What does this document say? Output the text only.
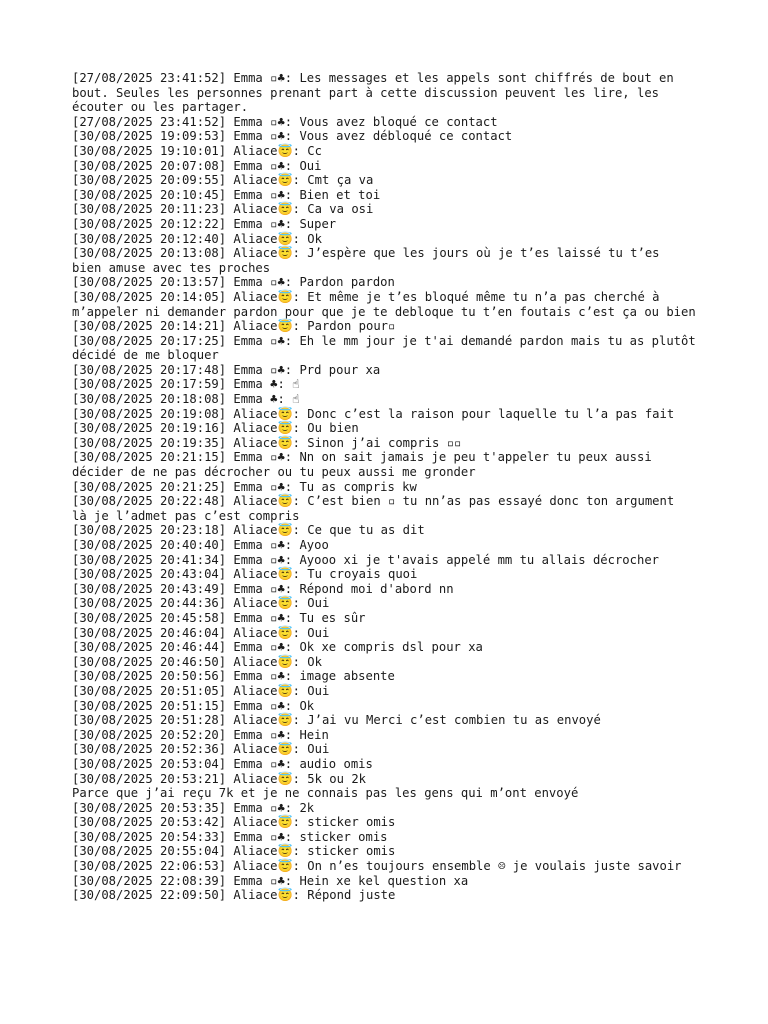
[27/08/2025 23:41:52] Emma ▫♣: Les messages et les appels sont chiffrés de bout en bout. Seules les personnes prenant part à cette discussion peuvent les lire, les écouter ou les partager.
[27/08/2025 23:41:52] Emma ▫♣: Vous avez bloqué ce contact
[30/08/2025 19:09:53] Emma ▫♣: Vous avez débloqué ce contact
[30/08/2025 19:10:01] Aliace😇: Cc
[30/08/2025 20:07:08] Emma ▫♣: Oui
[30/08/2025 20:09:55] Aliace😇: Cmt ça va
[30/08/2025 20:10:45] Emma ▫♣: Bien et toi
[30/08/2025 20:11:23] Aliace😇: Ca va osi
[30/08/2025 20:12:22] Emma ▫♣: Super
[30/08/2025 20:12:40] Aliace😇: Ok
[30/08/2025 20:13:08] Aliace😇: J’espère que les jours où je t’es laissé tu t’es bien amuse avec tes proches
[30/08/2025 20:13:57] Emma ▫♣: Pardon pardon
[30/08/2025 20:14:05] Aliace😇: Et même je t’es bloqué même tu n’a pas cherché à m’appeler ni demander pardon pour que je te debloque tu t’en foutais c’est ça ou bien
[30/08/2025 20:14:21] Aliace😇: Pardon pour▫
[30/08/2025 20:17:25] Emma ▫♣: Eh le mm jour je t'ai demandé pardon mais tu as plutôt décidé de me bloquer
[30/08/2025 20:17:48] Emma ▫♣: Prd pour xa
[30/08/2025 20:17:59] Emma ♣: ☝
[30/08/2025 20:18:08] Emma ♣: ☝
[30/08/2025 20:19:08] Aliace😇: Donc c’est la raison pour laquelle tu l’a pas fait
[30/08/2025 20:19:16] Aliace😇: Ou bien
[30/08/2025 20:19:35] Aliace😇: Sinon j’ai compris ▫▫
[30/08/2025 20:21:15] Emma ▫♣: Nn on sait jamais je peu t'appeler tu peux aussi décider de ne pas décrocher ou tu peux aussi me gronder
[30/08/2025 20:21:25] Emma ▫♣: Tu as compris kw
[30/08/2025 20:22:48] Aliace😇: C’est bien ▫ tu nn’as pas essayé donc ton argument là je l’admet pas c’est compris
[30/08/2025 20:23:18] Aliace😇: Ce que tu as dit
[30/08/2025 20:40:40] Emma ▫♣: Ayoo
[30/08/2025 20:41:34] Emma ▫♣: Ayooo xi je t'avais appelé mm tu allais décrocher
[30/08/2025 20:43:04] Aliace😇: Tu croyais quoi
[30/08/2025 20:43:49] Emma ▫♣: Répond moi d'abord nn
[30/08/2025 20:44:36] Aliace😇: Oui
[30/08/2025 20:45:58] Emma ▫♣: Tu es sûr
[30/08/2025 20:46:04] Aliace😇: Oui
[30/08/2025 20:46:44] Emma ▫♣: Ok xe compris dsl pour xa
[30/08/2025 20:46:50] Aliace😇: Ok
[30/08/2025 20:50:56] Emma ▫♣: image absente
[30/08/2025 20:51:05] Aliace😇: Oui
[30/08/2025 20:51:15] Emma ▫♣: Ok
[30/08/2025 20:51:28] Aliace😇: J’ai vu Merci c’est combien tu as envoyé
[30/08/2025 20:52:20] Emma ▫♣: Hein
[30/08/2025 20:52:36] Aliace😇: Oui
[30/08/2025 20:53:04] Emma ▫♣: audio omis
[30/08/2025 20:53:21] Aliace😇: 5k ou 2k
Parce que j’ai reçu 7k et je ne connais pas les gens qui m’ont envoyé
[30/08/2025 20:53:35] Emma ▫♣: 2k
[30/08/2025 20:53:42] Aliace😇: sticker omis
[30/08/2025 20:54:33] Emma ▫♣: sticker omis
[30/08/2025 20:55:04] Aliace😇: sticker omis
[30/08/2025 22:06:53] Aliace😇: On n’es toujours ensemble ☹ je voulais juste savoir
[30/08/2025 22:08:39] Emma ▫♣: Hein xe kel question xa
[30/08/2025 22:09:50] Aliace😇: Répond juste
